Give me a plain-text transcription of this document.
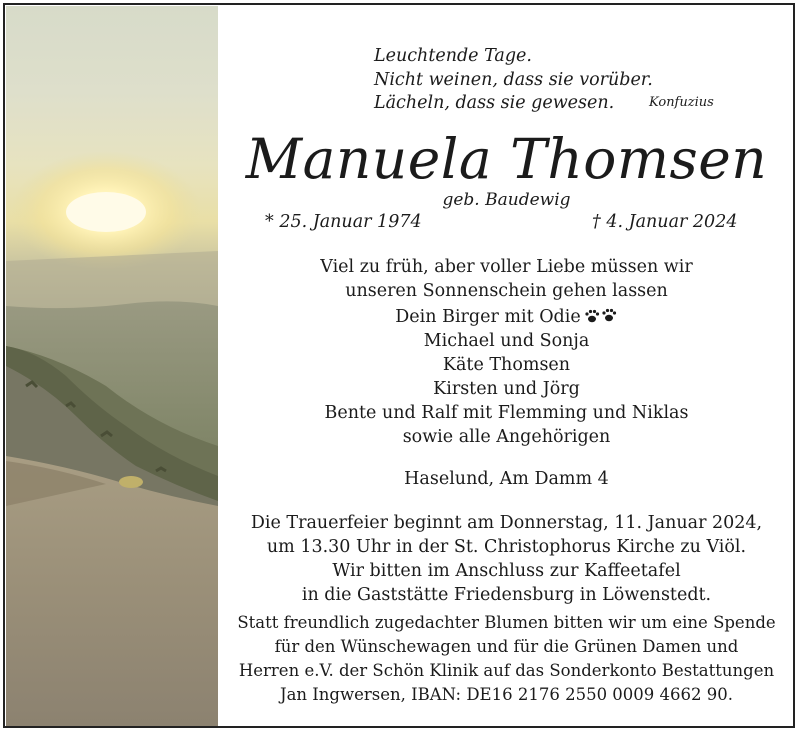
Leuchtende Tage.
Nicht weinen, dass sie vorüber.
Lächeln, dass sie gewesen.	Konfuzius
Manuela Thomsen
geb. Baudewig
* 25. Januar 1974	† 4. Januar 2024
Viel zu früh, aber voller Liebe müssen wir
unseren Sonnenschein gehen lassen
Dein Birger mit Odie
Michael und Sonja
Käte Thomsen
Kirsten und Jörg
Bente und Ralf mit Flemming und Niklas
sowie alle Angehörigen
Haselund, Am Damm 4
Die Trauerfeier beginnt am Donnerstag, 11. Januar 2024,
um 13.30 Uhr in der St. Christophorus Kirche zu Viöl.
Wir bitten im Anschluss zur Kaffeetafel
in die Gaststätte Friedensburg in Löwenstedt.
Statt freundlich zugedachter Blumen bitten wir um eine Spende
für den Wünschewagen und für die Grünen Damen und
Herren e.V. der Schön Klinik auf das Sonderkonto Bestattungen
Jan Ingwersen, IBAN: DE16 2176 2550 0009 4662 90.
